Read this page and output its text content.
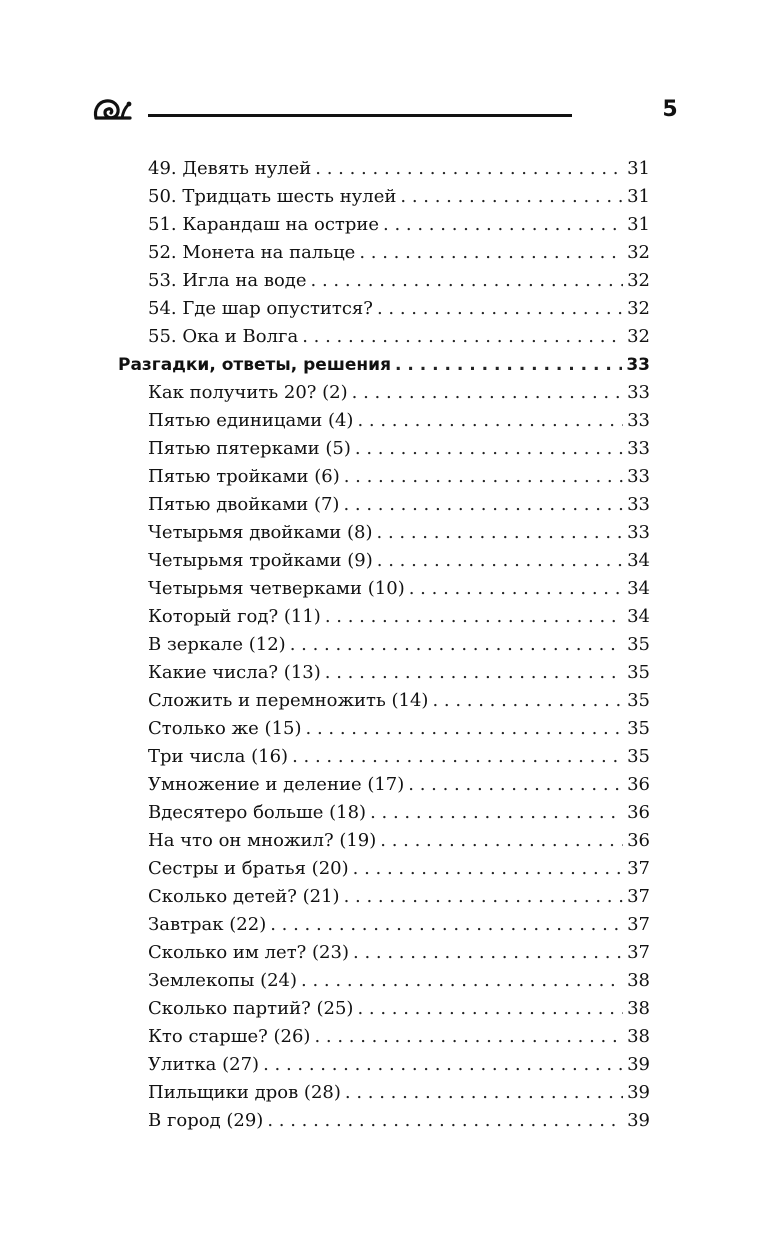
5
49. Девять нулей . . .	31
50. Тридцать шесть нулей . . .	31
51. Карандаш на острие . . .	31
52. Монета на пальце . . .	32
53. Игла на воде . . .	32
54. Где шар опустится? . . .	32
55. Ока и Волга . . .	32
Разгадки, ответы, решения . . .	33
Как получить 20? (2) . . .	33
Пятью единицами (4) . . .	33
Пятью пятерками (5) . . .	33
Пятью тройками (6) . . .	33
Пятью двойками (7) . . .	33
Четырьмя двойками (8) . . .	33
Четырьмя тройками (9) . . .	34
Четырьмя четверками (10) . . .	34
Который год? (11) . . .	34
В зеркале (12) . . .	35
Какие числа? (13) . . .	35
Сложить и перемножить (14) . . .	35
Столько же (15) . . .	35
Три числа (16) . . .	35
Умножение и деление (17) . . .	36
Вдесятеро больше (18) . . .	36
На что он множил? (19) . . .	36
Сестры и братья (20) . . .	37
Сколько детей? (21) . . .	37
Завтрак (22) . . .	37
Сколько им лет? (23) . . .	37
Землекопы (24) . . .	38
Сколько партий? (25) . . .	38
Кто старше? (26) . . .	38
Улитка (27) . . .	39
Пильщики дров (28) . . .	39
В город (29) . . .	39
